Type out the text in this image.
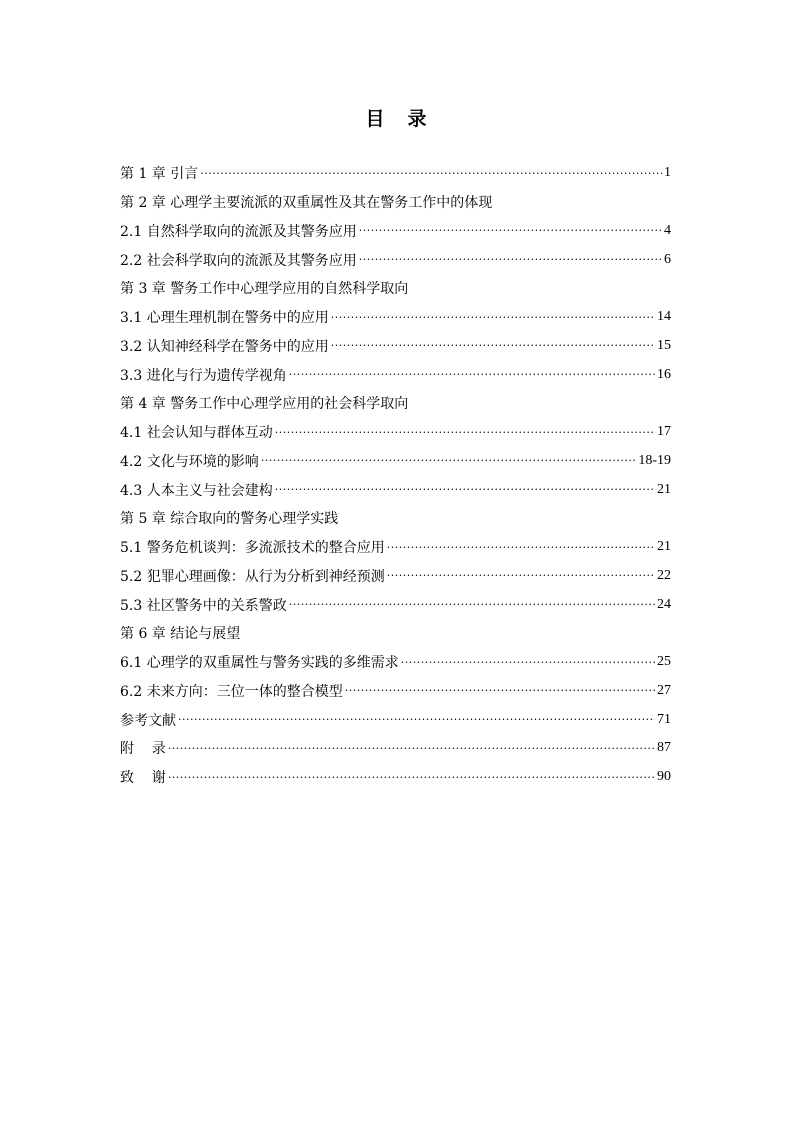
目 录
第 1 章 引言 ·····	1
第 2 章 心理学主要流派的双重属性及其在警务工作中的体现
2.1 自然科学取向的流派及其警务应用 ·····	4
2.2 社会科学取向的流派及其警务应用 ·····	6
第 3 章 警务工作中心理学应用的自然科学取向
3.1 心理生理机制在警务中的应用 ·····	14
3.2 认知神经科学在警务中的应用 ·····	15
3.3 进化与行为遗传学视角 ·····	16
第 4 章 警务工作中心理学应用的社会科学取向
4.1 社会认知与群体互动 ·····	17
4.2 文化与环境的影响 ·····	18-19
4.3 人本主义与社会建构 ·····	21
第 5 章 综合取向的警务心理学实践
5.1 警务危机谈判：多流派技术的整合应用 ·····	21
5.2 犯罪心理画像：从行为分析到神经预测 ·····	22
5.3 社区警务中的关系警政 ·····	24
第 6 章 结论与展望
6.1 心理学的双重属性与警务实践的多维需求 ·····	25
6.2 未来方向：三位一体的整合模型 ·····	27
参考文献 ·····	71
附    录 ·····	87
致    谢 ·····	90
